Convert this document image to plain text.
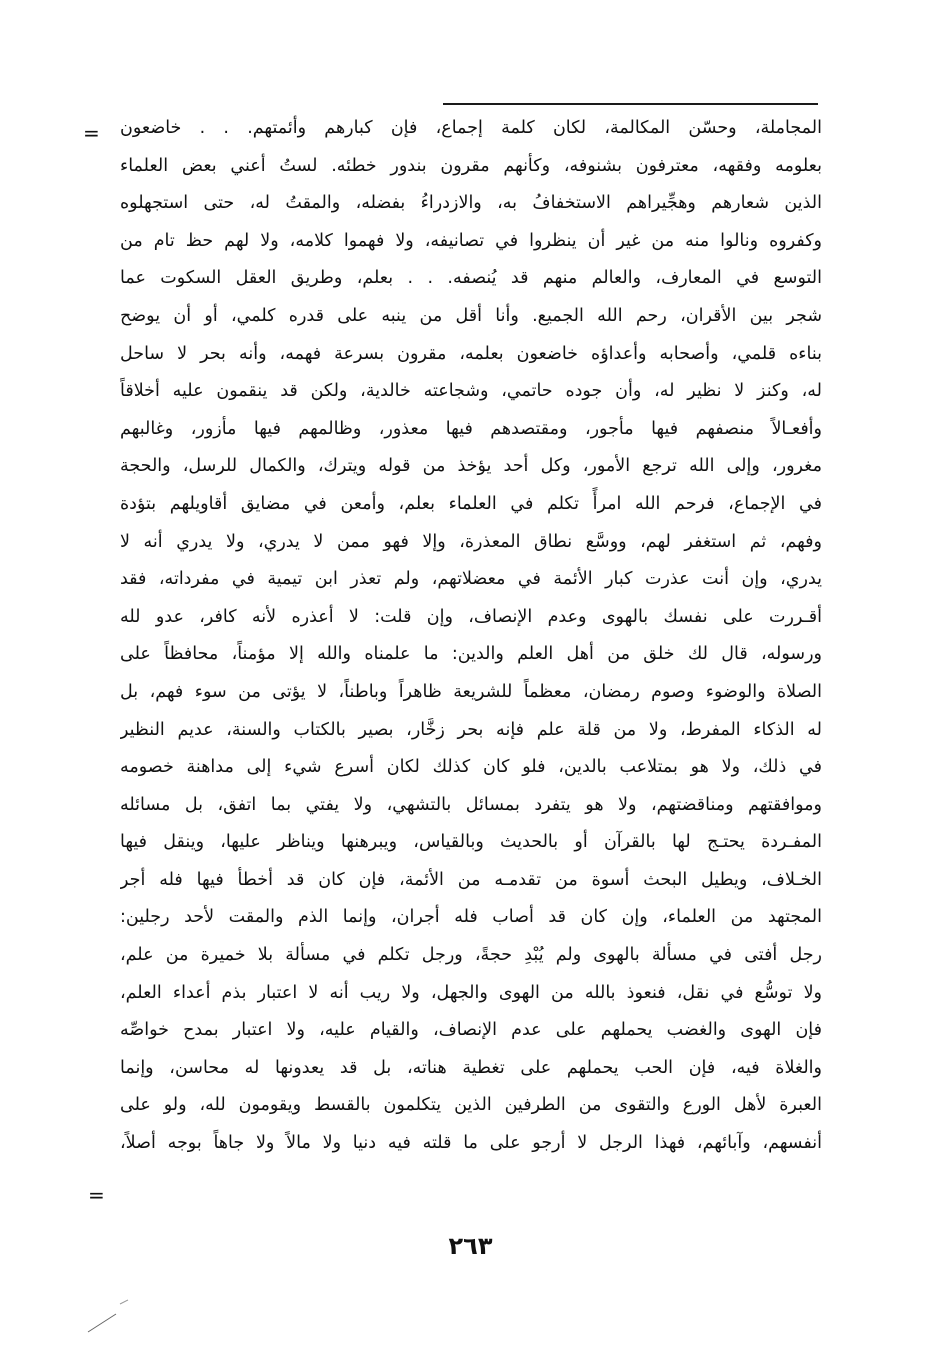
= المجاملة، وحسّن المكالمة، لكان كلمة إجماع، فإن كبارهم وأئمتهم. . . خاضعون
بعلومه وفقهه، معترفون بشنوفه، وكأنهم مقرون بندور خطئه. لستُ أعني بعض العلماء
الذين شعارهم وهجِّيراهم الاستخفافُ به، والازدراءُ بفضله، والمقتُ له، حتى استجهلوه
وكفروه ونالوا منه من غير أن ينظروا في تصانيفه، ولا فهموا كلامه، ولا لهم حظ تام من
التوسع في المعارف، والعالم منهم قد يُنصفه. . . بعلم، وطريق العقل السكوت عما
شجر بين الأقران، رحم الله الجميع. وأنا أقل من ينبه على قدره كلمي، أو أن يوضح
بناءه قلمي، وأصحابه وأعداؤه خاضعون بعلمه، مقرون بسرعة فهمه، وأنه بحر لا ساحل
له، وكنز لا نظير له، وأن جوده حاتمي، وشجاعته خالدية، ولكن قد ينقمون عليه أخلاقاً
وأفعـالاً منصفهم فيها مأجور، ومقتصدهم فيها معذور، وظالمهم فيها مأزور، وغالبهم
مغرور، وإلى الله ترجع الأمور، وكل أحد يؤخذ من قوله ويترك، والكمال للرسل، والحجة
في الإجماع، فرحم الله امرأً تكلم في العلماء بعلم، وأمعن في مضايق أقاويلهم بتؤدة
وفهم، ثم استغفر لهم، ووسَّع نطاق المعذرة، وإلا فهو ممن لا يدري، ولا يدري أنه لا
يدري، وإن أنت عذرت كبار الأئمة في معضلاتهم، ولم تعذر ابن تيمية في مفرداته، فقد
أقـررت على نفسك بالهوى وعدم الإنصاف، وإن قلت: لا أعذره لأنه كافر، عدو لله
ورسوله، قال لك خلق من أهل العلم والدين: ما علمناه والله إلا مؤمناً، محافظاً على
الصلاة والوضوء وصوم رمضان، معظماً للشريعة ظاهراً وباطناً، لا يؤتى من سوء فهم، بل
له الذكاء المفرط، ولا من قلة علم فإنه بحر زخَّار، بصير بالكتاب والسنة، عديم النظير
في ذلك، ولا هو بمتلاعب بالدين، فلو كان كذلك لكان أسرع شيء إلى مداهنة خصومه
وموافقتهم ومناقضتهم، ولا هو يتفرد بمسائل بالتشهي، ولا يفتي بما اتفق، بل مسائله
المفـردة يحتـج لها بالقرآن أو بالحديث وبالقياس، ويبرهنها ويناظر عليها، وينقل فيها
الخـلاف، ويطيل البحث أسوة من تقدمـه من الأئمة، فإن كان قد أخطأ فيها فله أجر
المجتهد من العلماء، وإن كان قد أصاب فله أجران، وإنما الذم والمقت لأحد رجلين:
رجل أفتى في مسألة بالهوى ولم يُبْدِ حجةً، ورجل تكلم في مسألة بلا خميرة من علم،
ولا توسُّع في نقل، فنعوذ بالله من الهوى والجهل، ولا ريب أنه لا اعتبار بذم أعداء العلم،
فإن الهوى والغضب يحملهم على عدم الإنصاف، والقيام عليه، ولا اعتبار بمدح خواصِّه
والغلاة فيه، فإن الحب يحملهم على تغطية هناته، بل قد يعدونها له محاسن، وإنما
العبرة لأهل الورع والتقوى من الطرفين الذين يتكلمون بالقسط ويقومون لله، ولو على
أنفسهم، وآبائهم، فهذا الرجل لا أرجو على ما قلته فيه دنيا ولا مالاً ولا جاهاً بوجه أصلاً،
=
٢٦٣
